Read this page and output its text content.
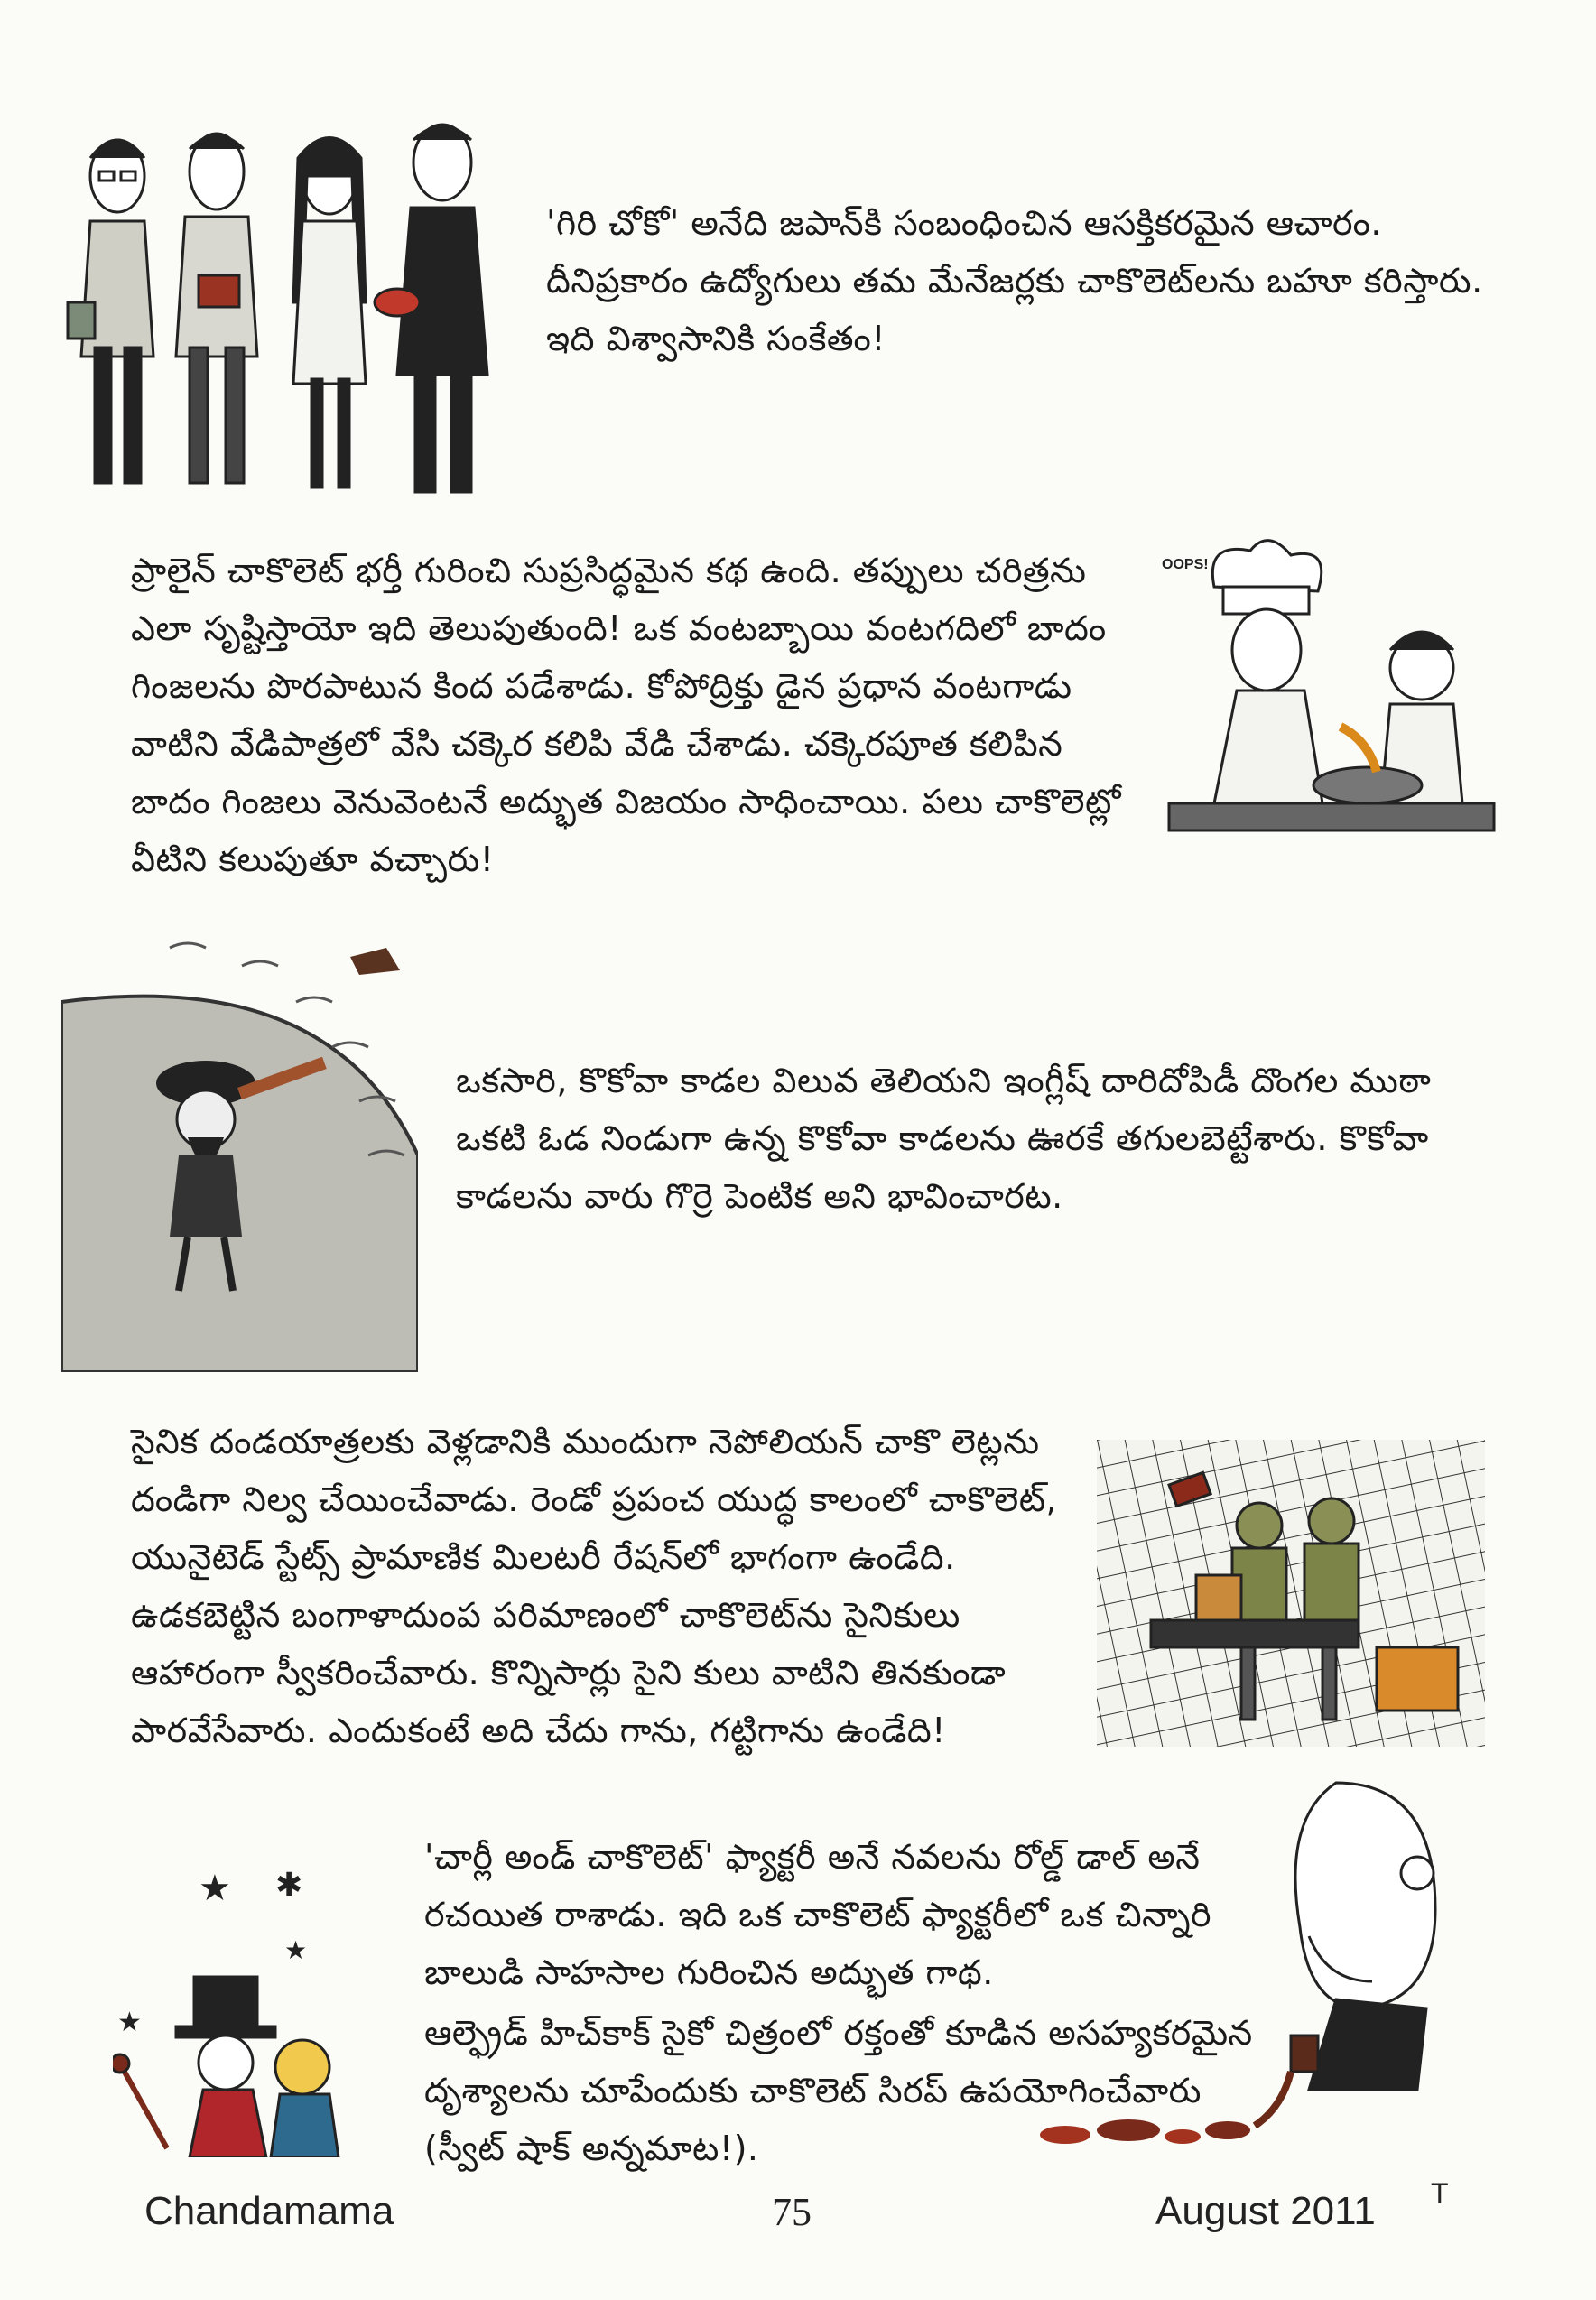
'గిరి చోకో' అనేది జపాన్‌కి సంబంధించిన ఆసక్తికరమైన ఆచారం. దీనిప్రకారం ఉద్యోగులు తమ మేనేజర్లకు చాకొలెట్‌లను బహూ కరిస్తారు. ఇది విశ్వాసానికి సంకేతం!
OOPS!
ప్రాలైన్ చాకొలెట్ భర్తీ గురించి సుప్రసిద్ధమైన కథ ఉంది. తప్పులు చరిత్రను ఎలా సృష్టిస్తాయో ఇది తెలుపుతుంది! ఒక వంటబ్బాయి వంటగదిలో బాదం గింజలను పొరపాటున కింద పడేశాడు. కోపోద్రిక్తు డైన ప్రధాన వంటగాడు వాటిని వేడిపాత్రలో వేసి చక్కెర కలిపి వేడి చేశాడు. చక్కెరపూత కలిపిన బాదం గింజలు వెనువెంటనే అద్భుత విజయం సాధించాయి. పలు చాకొలెట్లో వీటిని కలుపుతూ వచ్చారు!
ఒకసారి, కొకోవా కాడల విలువ తెలియని ఇంగ్లీష్ దారిదోపిడీ దొంగల ముఠా ఒకటి ఓడ నిండుగా ఉన్న కొకోవా కాడలను ఊరకే తగులబెట్టేశారు. కొకోవా కాడలను వారు గొర్రె పెంటిక అని భావించారట.
సైనిక దండయాత్రలకు వెళ్లడానికి ముందుగా నెపోలియన్ చాకొ లెట్లను దండిగా నిల్వ చేయించేవాడు. రెండో ప్రపంచ యుద్ధ కాలంలో చాకొలెట్, యునైటెడ్ స్టేట్స్ ప్రామాణిక మిలటరీ రేషన్‌లో భాగంగా ఉండేది. ఉడకబెట్టిన బంగాళాదుంప పరిమాణంలో చాకొలెట్‌ను సైనికులు ఆహారంగా స్వీకరించేవారు. కొన్నిసార్లు సైని కులు వాటిని తినకుండా పారవేసేవారు. ఎందుకంటే అది చేదు గాను, గట్టిగాను ఉండేది!
★ ✱
★
★
'చార్లీ అండ్ చాకొలెట్' ఫ్యాక్టరీ అనే నవలను రోల్డ్ డాల్ అనే రచయిత రాశాడు. ఇది ఒక చాకొలెట్ ఫ్యాక్టరీలో ఒక చిన్నారి బాలుడి సాహసాల గురించిన అద్భుత గాథ.
ఆల్ఫ్రెడ్ హిచ్‌కాక్ సైకో చిత్రంలో రక్తంతో కూడిన అసహ్యకరమైన దృశ్యాలను చూపేందుకు చాకొలెట్ సిరప్ ఉపయోగించేవారు (స్వీట్ షాక్ అన్నమాట!).
Chandamama	75	August 2011 T
